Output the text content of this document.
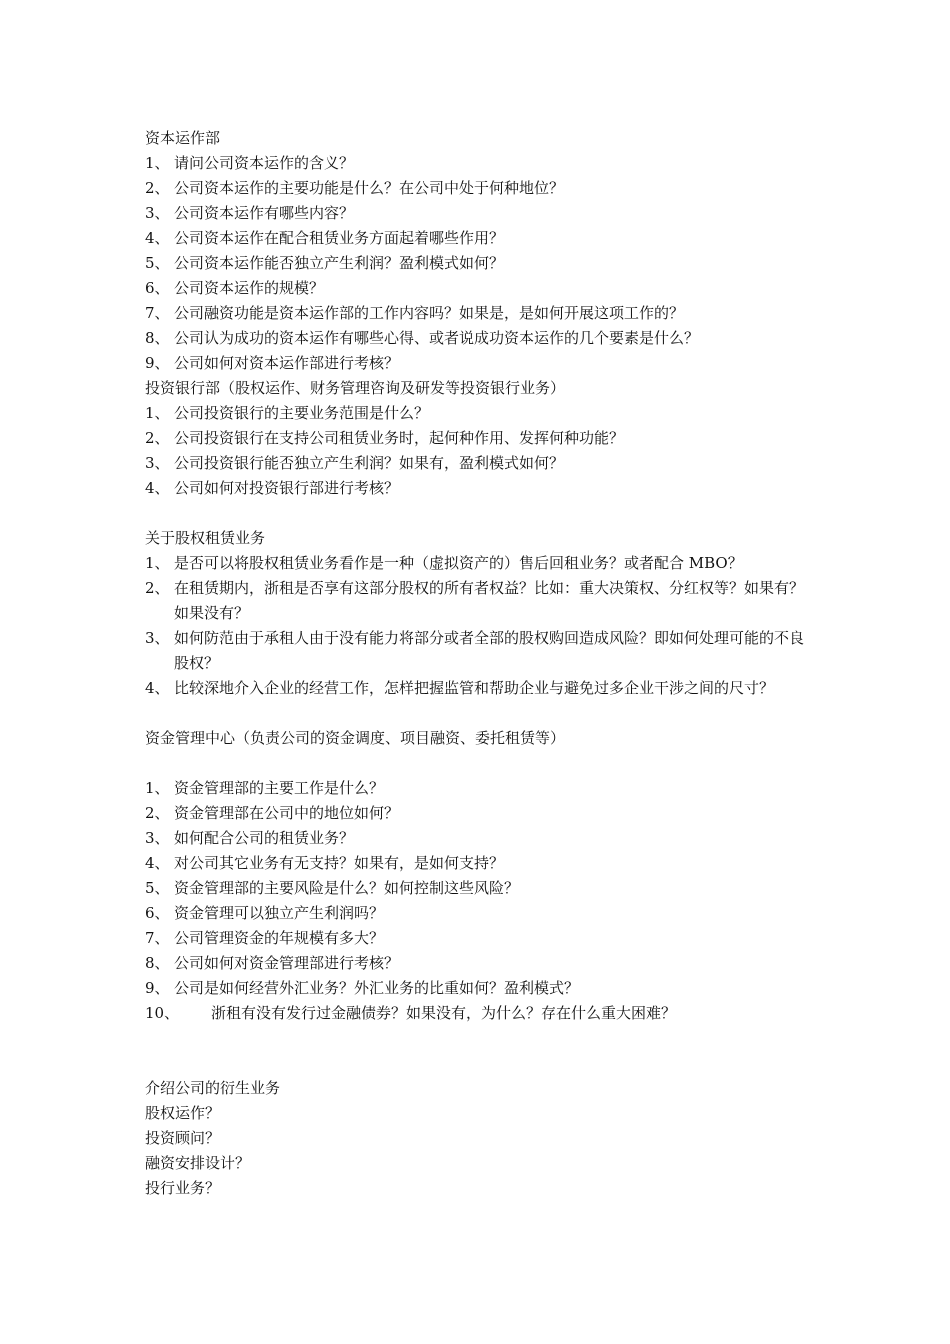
资本运作部
1、 请问公司资本运作的含义？
2、 公司资本运作的主要功能是什么？在公司中处于何种地位？
3、 公司资本运作有哪些内容？
4、 公司资本运作在配合租赁业务方面起着哪些作用？
5、 公司资本运作能否独立产生利润？盈利模式如何？
6、 公司资本运作的规模？
7、 公司融资功能是资本运作部的工作内容吗？如果是，是如何开展这项工作的？
8、 公司认为成功的资本运作有哪些心得、或者说成功资本运作的几个要素是什么？
9、 公司如何对资本运作部进行考核？
投资银行部（股权运作、财务管理咨询及研发等投资银行业务）
1、 公司投资银行的主要业务范围是什么？
2、 公司投资银行在支持公司租赁业务时，起何种作用、发挥何种功能？
3、 公司投资银行能否独立产生利润？如果有，盈利模式如何？
4、 公司如何对投资银行部进行考核？
关于股权租赁业务
1、 是否可以将股权租赁业务看作是一种（虚拟资产的）售后回租业务？或者配合 MBO？
2、 在租赁期内，浙租是否享有这部分股权的所有者权益？比如：重大决策权、分红权等？如果有？如果没有？
3、 如何防范由于承租人由于没有能力将部分或者全部的股权购回造成风险？即如何处理可能的不良股权？
4、 比较深地介入企业的经营工作，怎样把握监管和帮助企业与避免过多企业干涉之间的尺寸？
资金管理中心（负责公司的资金调度、项目融资、委托租赁等）
1、 资金管理部的主要工作是什么？
2、 资金管理部在公司中的地位如何？
3、 如何配合公司的租赁业务？
4、 对公司其它业务有无支持？如果有，是如何支持？
5、 资金管理部的主要风险是什么？如何控制这些风险？
6、 资金管理可以独立产生利润吗？
7、 公司管理资金的年规模有多大？
8、 公司如何对资金管理部进行考核？
9、 公司是如何经营外汇业务？外汇业务的比重如何？盈利模式？
10、	浙租有没有发行过金融债券？如果没有，为什么？存在什么重大困难？
介绍公司的衍生业务
股权运作？
投资顾问？
融资安排设计？
投行业务？
